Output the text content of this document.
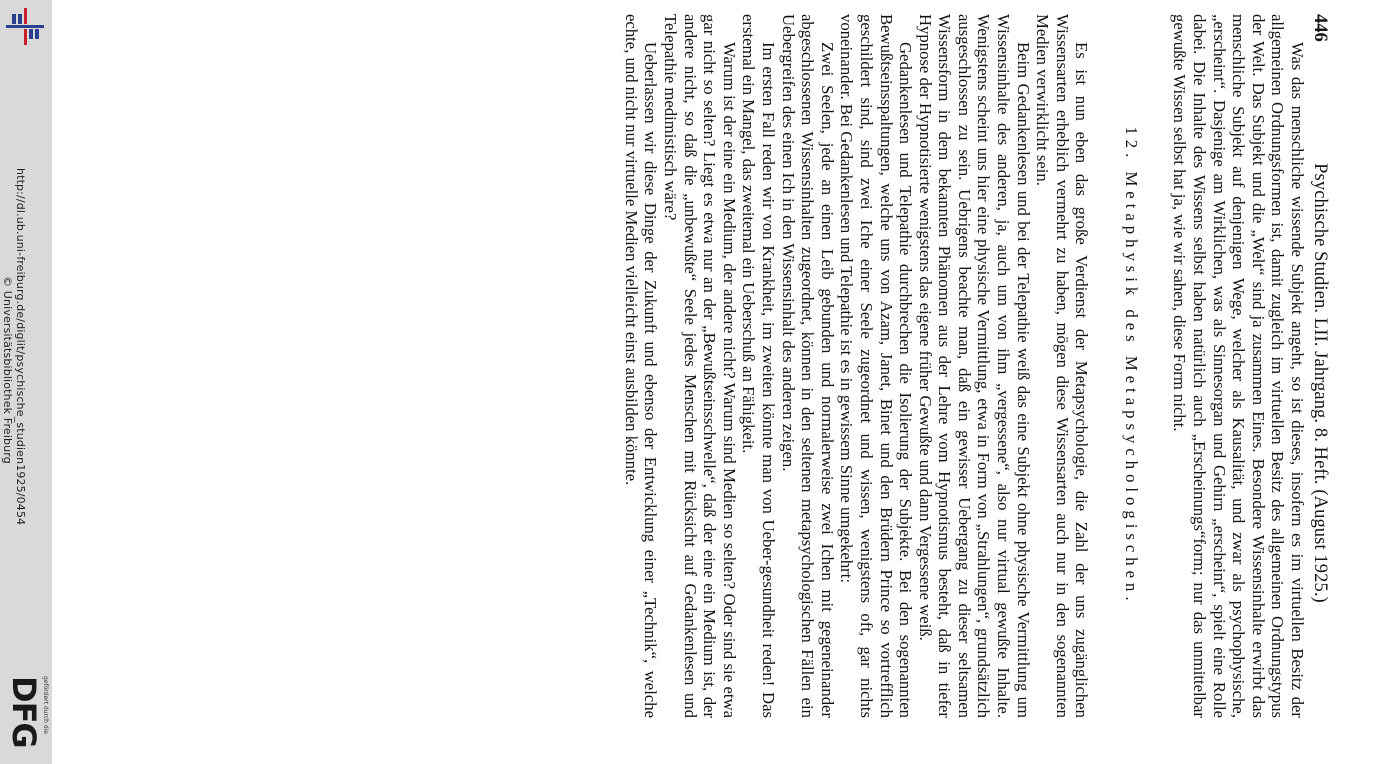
http://dl.ub.uni-freiburg.de/diglit/psychische_studien1925/0454
© Universitätsbibliothek Freiburg
gefördert durch die
DFG
446
Psychische Studien. LII. Jahrgang. 8. Heft. (August 1925.)

Was das menschliche wissende Subjekt angeht, so ist dieses, insofern es im virtuellen Besitz der allgemeinen Ordnungsformen ist, damit zugleich im virtuellen Besitz des allgemeinen Ordnungstypus der Welt. Das Subjekt und die „Welt“ sind ja zusammen Eines. Besondere Wissensinhalte erwirbt das menschliche Subjekt auf denjenigen Wege, welcher als Kausalität, und zwar als psychophysische, „erscheint“. Dasjenige am Wirklichen, was als Sinnesorgan und Gehirn „erscheint“, spielt eine Rolle dabei. Die Inhalte des Wissens selbst haben natürlich auch „Erscheinungs“form; nur das unmittelbar gewußte Wissen selbst hat ja, wie wir sahen, diese Form nicht.

12. Metaphysik des Metapsychologischen.

Es ist nun eben das große Verdienst der Metapsychologie, die Zahl der uns zugänglichen Wissensarten erheblich vermehrt zu haben, mögen diese Wissensarten auch nur in den sogenannten Medien verwirklicht sein.

Beim Gedankenlesen und bei der Telepathie weiß das eine Subjekt ohne physische Vermittlung um Wissensinhalte des anderen, ja, auch um von ihm „vergessene“, also nur virtual gewußte Inhalte. Wenigstens scheint uns hier eine physische Vermittlung, etwa in Form von „Strahlungen“, grundsätzlich ausgeschlossen zu sein. Uebrigens beachte man, daß ein gewisser Uebergang zu dieser seltsamen Wissensform in dem bekannten Phänomen aus der Lehre vom Hypnotismus besteht, daß in tiefer Hypnose der Hypnotisierte wenigstens das eigene früher Gewußte und dann Vergessene weiß.

Gedankenlesen und Telepathie durchbrechen die Isolierung der Subjekte. Bei den sogenannten Bewußtseinsspaltungen, welche uns von Azam, Janet, Binet und den Brüdern Prince so vortrefflich geschildert sind, sind zwei Iche einer Seele zugeordnet und wissen, wenigstens oft, gar nichts voneinander. Bei Gedankenlesen und Telepathie ist es in gewissem Sinne umgekehrt:

Zwei Seelen, jede an einen Leib gebunden und normalerweise zwei Ichen mit gegeneinander abgeschlossenen Wissensinhalten zugeordnet, können in den seltenen metapsychologischen Fällen ein Uebergreifen des einen Ich in den Wissensinhalt des anderen zeigen.

Im ersten Fall reden wir von Krankheit, im zweiten könnte man von Ueber-gesundheit reden! Das erstemal ein Mangel, das zweitemal ein Ueberschuß an Fähigkeit.

Warum ist der eine ein Medium, der andere nicht? Warum sind Medien so selten? Oder sind sie etwa gar nicht so selten? Liegt es etwa nur an der „Bewußtseinsschwelle“, daß der eine ein Medium ist, der andere nicht, so daß die „unbewußte“ Seele jedes Menschen mit Rücksicht auf Gedankenlesen und Telepathie medimistisch wäre?

Ueberlassen wir diese Dinge der Zukunft und ebenso der Entwicklung einer „Technik“, welche echte, und nicht nur virtuelle Medien vielleicht einst ausbilden könnte.
